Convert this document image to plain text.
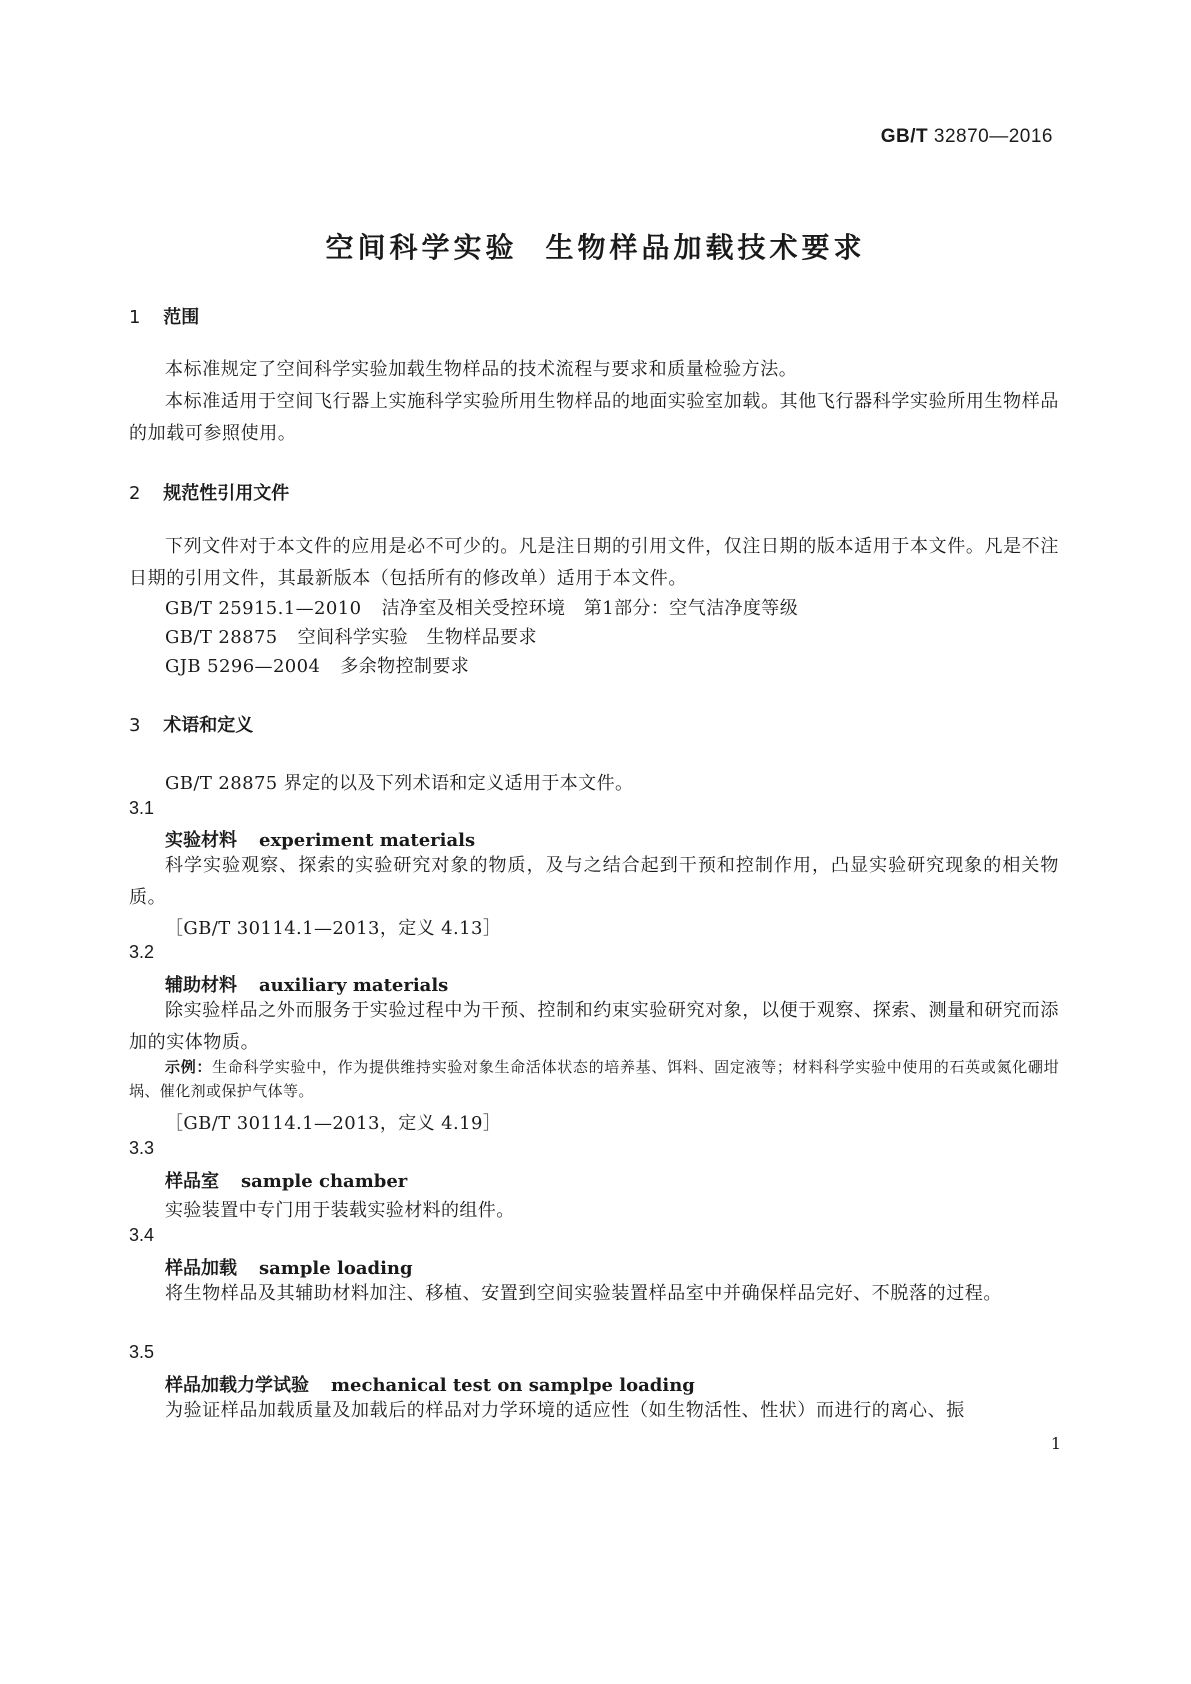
GB/T 32870—2016
空间科学实验 生物样品加载技术要求
1 范围
本标准规定了空间科学实验加载生物样品的技术流程与要求和质量检验方法。
本标准适用于空间飞行器上实施科学实验所用生物样品的地面实验室加载。其他飞行器科学实验所用生物样品的加载可参照使用。
2 规范性引用文件
下列文件对于本文件的应用是必不可少的。凡是注日期的引用文件，仅注日期的版本适用于本文件。凡是不注日期的引用文件，其最新版本（包括所有的修改单）适用于本文件。
GB/T 25915.1—2010 洁净室及相关受控环境　第1部分：空气洁净度等级
GB/T 28875 空间科学实验　生物样品要求
GJB 5296—2004 多余物控制要求
3 术语和定义
GB/T 28875 界定的以及下列术语和定义适用于本文件。
3.1
实验材料 experiment materials
科学实验观察、探索的实验研究对象的物质，及与之结合起到干预和控制作用，凸显实验研究现象的相关物质。
［GB/T 30114.1—2013，定义 4.13］
3.2
辅助材料 auxiliary materials
除实验样品之外而服务于实验过程中为干预、控制和约束实验研究对象，以便于观察、探索、测量和研究而添加的实体物质。
示例：生命科学实验中，作为提供维持实验对象生命活体状态的培养基、饵料、固定液等；材料科学实验中使用的石英或氮化硼坩埚、催化剂或保护气体等。
［GB/T 30114.1—2013，定义 4.19］
3.3
样品室 sample chamber
实验装置中专门用于装载实验材料的组件。
3.4
样品加载 sample loading
将生物样品及其辅助材料加注、移植、安置到空间实验装置样品室中并确保样品完好、不脱落的过程。
3.5
样品加载力学试验 mechanical test on samplpe loading
为验证样品加载质量及加载后的样品对力学环境的适应性（如生物活性、性状）而进行的离心、振
1
